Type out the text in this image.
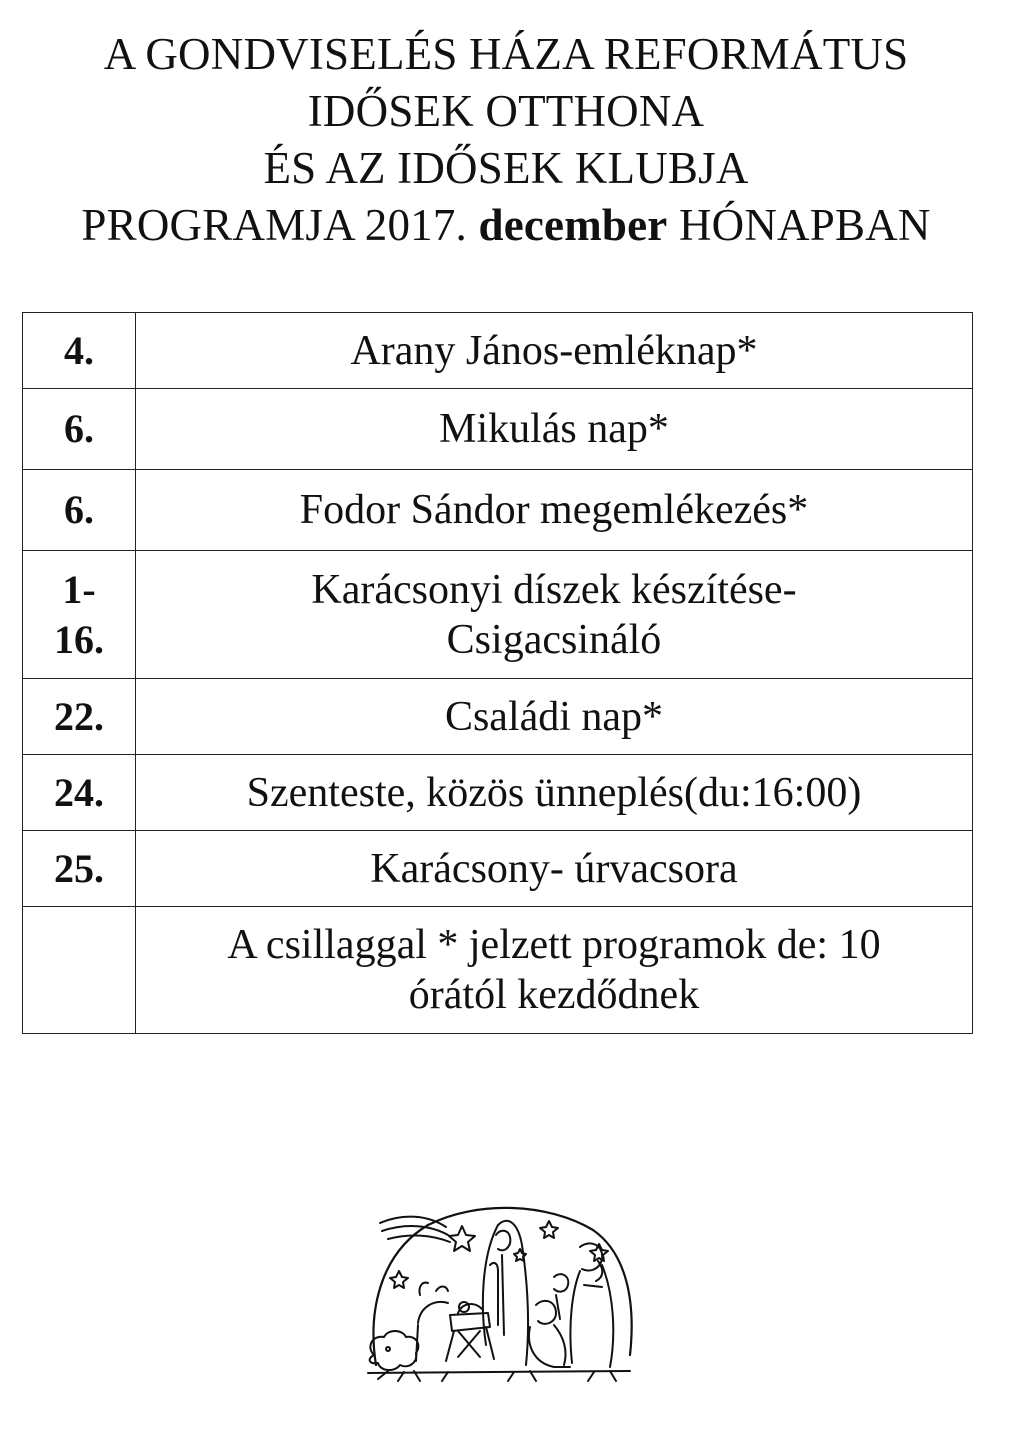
A GONDVISELÉS HÁZA REFORMÁTUS
IDŐSEK OTTHONA
ÉS AZ IDŐSEK KLUBJA
PROGRAMJA 2017. december HÓNAPBAN
4.	Arany János-emléknap*
6.	Mikulás nap*
6.	Fodor Sándor megemlékezés*
1-
16.	Karácsonyi díszek készítése-
Csigacsináló
22.	Családi nap*
24.	Szenteste, közös ünneplés(du:16:00)
25.	Karácsony- úrvacsora
	A csillaggal * jelzett programok de: 10
órától kezdődnek
